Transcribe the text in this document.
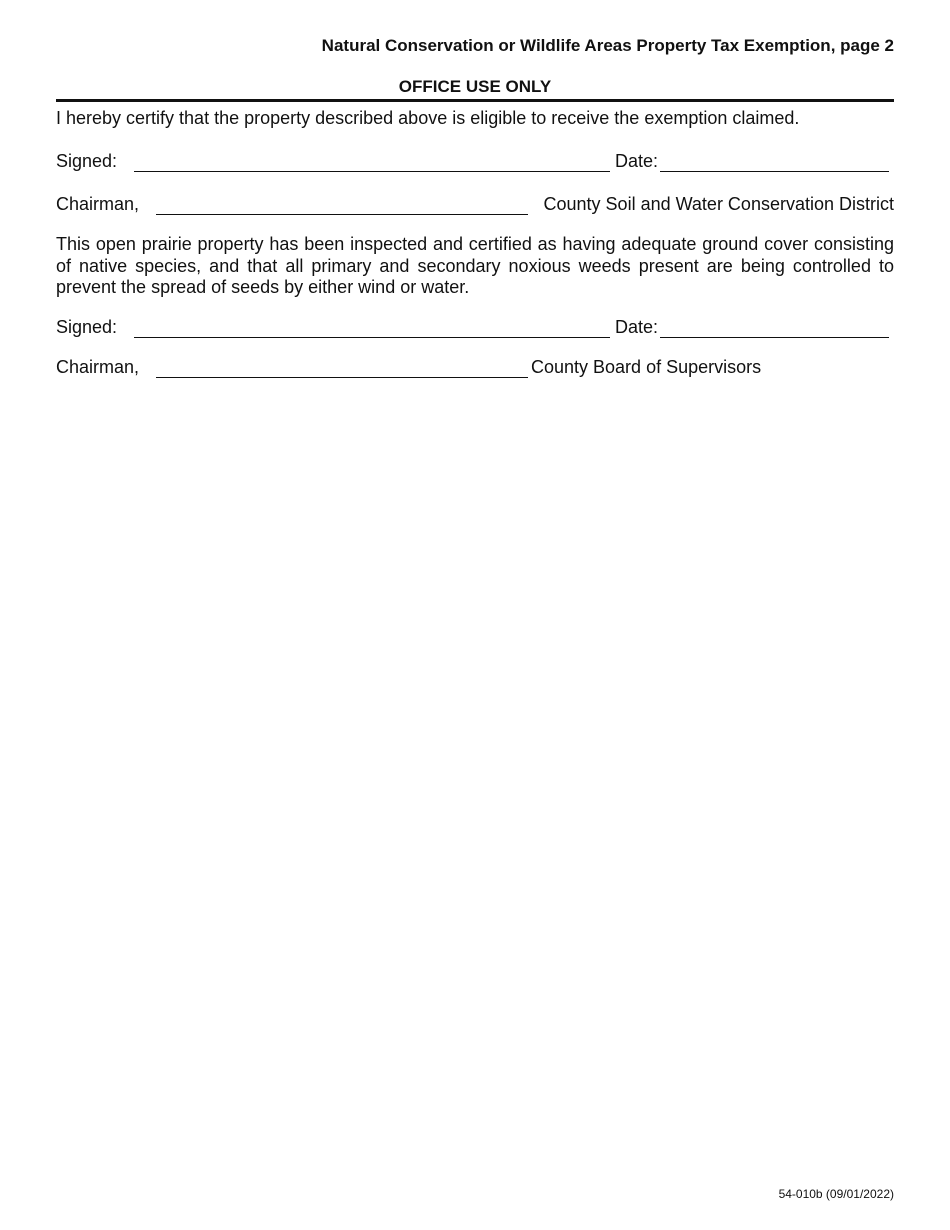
Natural Conservation or Wildlife Areas Property Tax Exemption, page 2
OFFICE USE ONLY
I hereby certify that the property described above is eligible to receive the exemption claimed.
Signed:	Date:
Chairman,	County Soil and Water Conservation District
This open prairie property has been inspected and certified as having adequate ground cover consisting of native species, and that all primary and secondary noxious weeds present are being controlled to prevent the spread of seeds by either wind or water.
Signed:	Date:
Chairman,	County Board of Supervisors
54-010b (09/01/2022)
